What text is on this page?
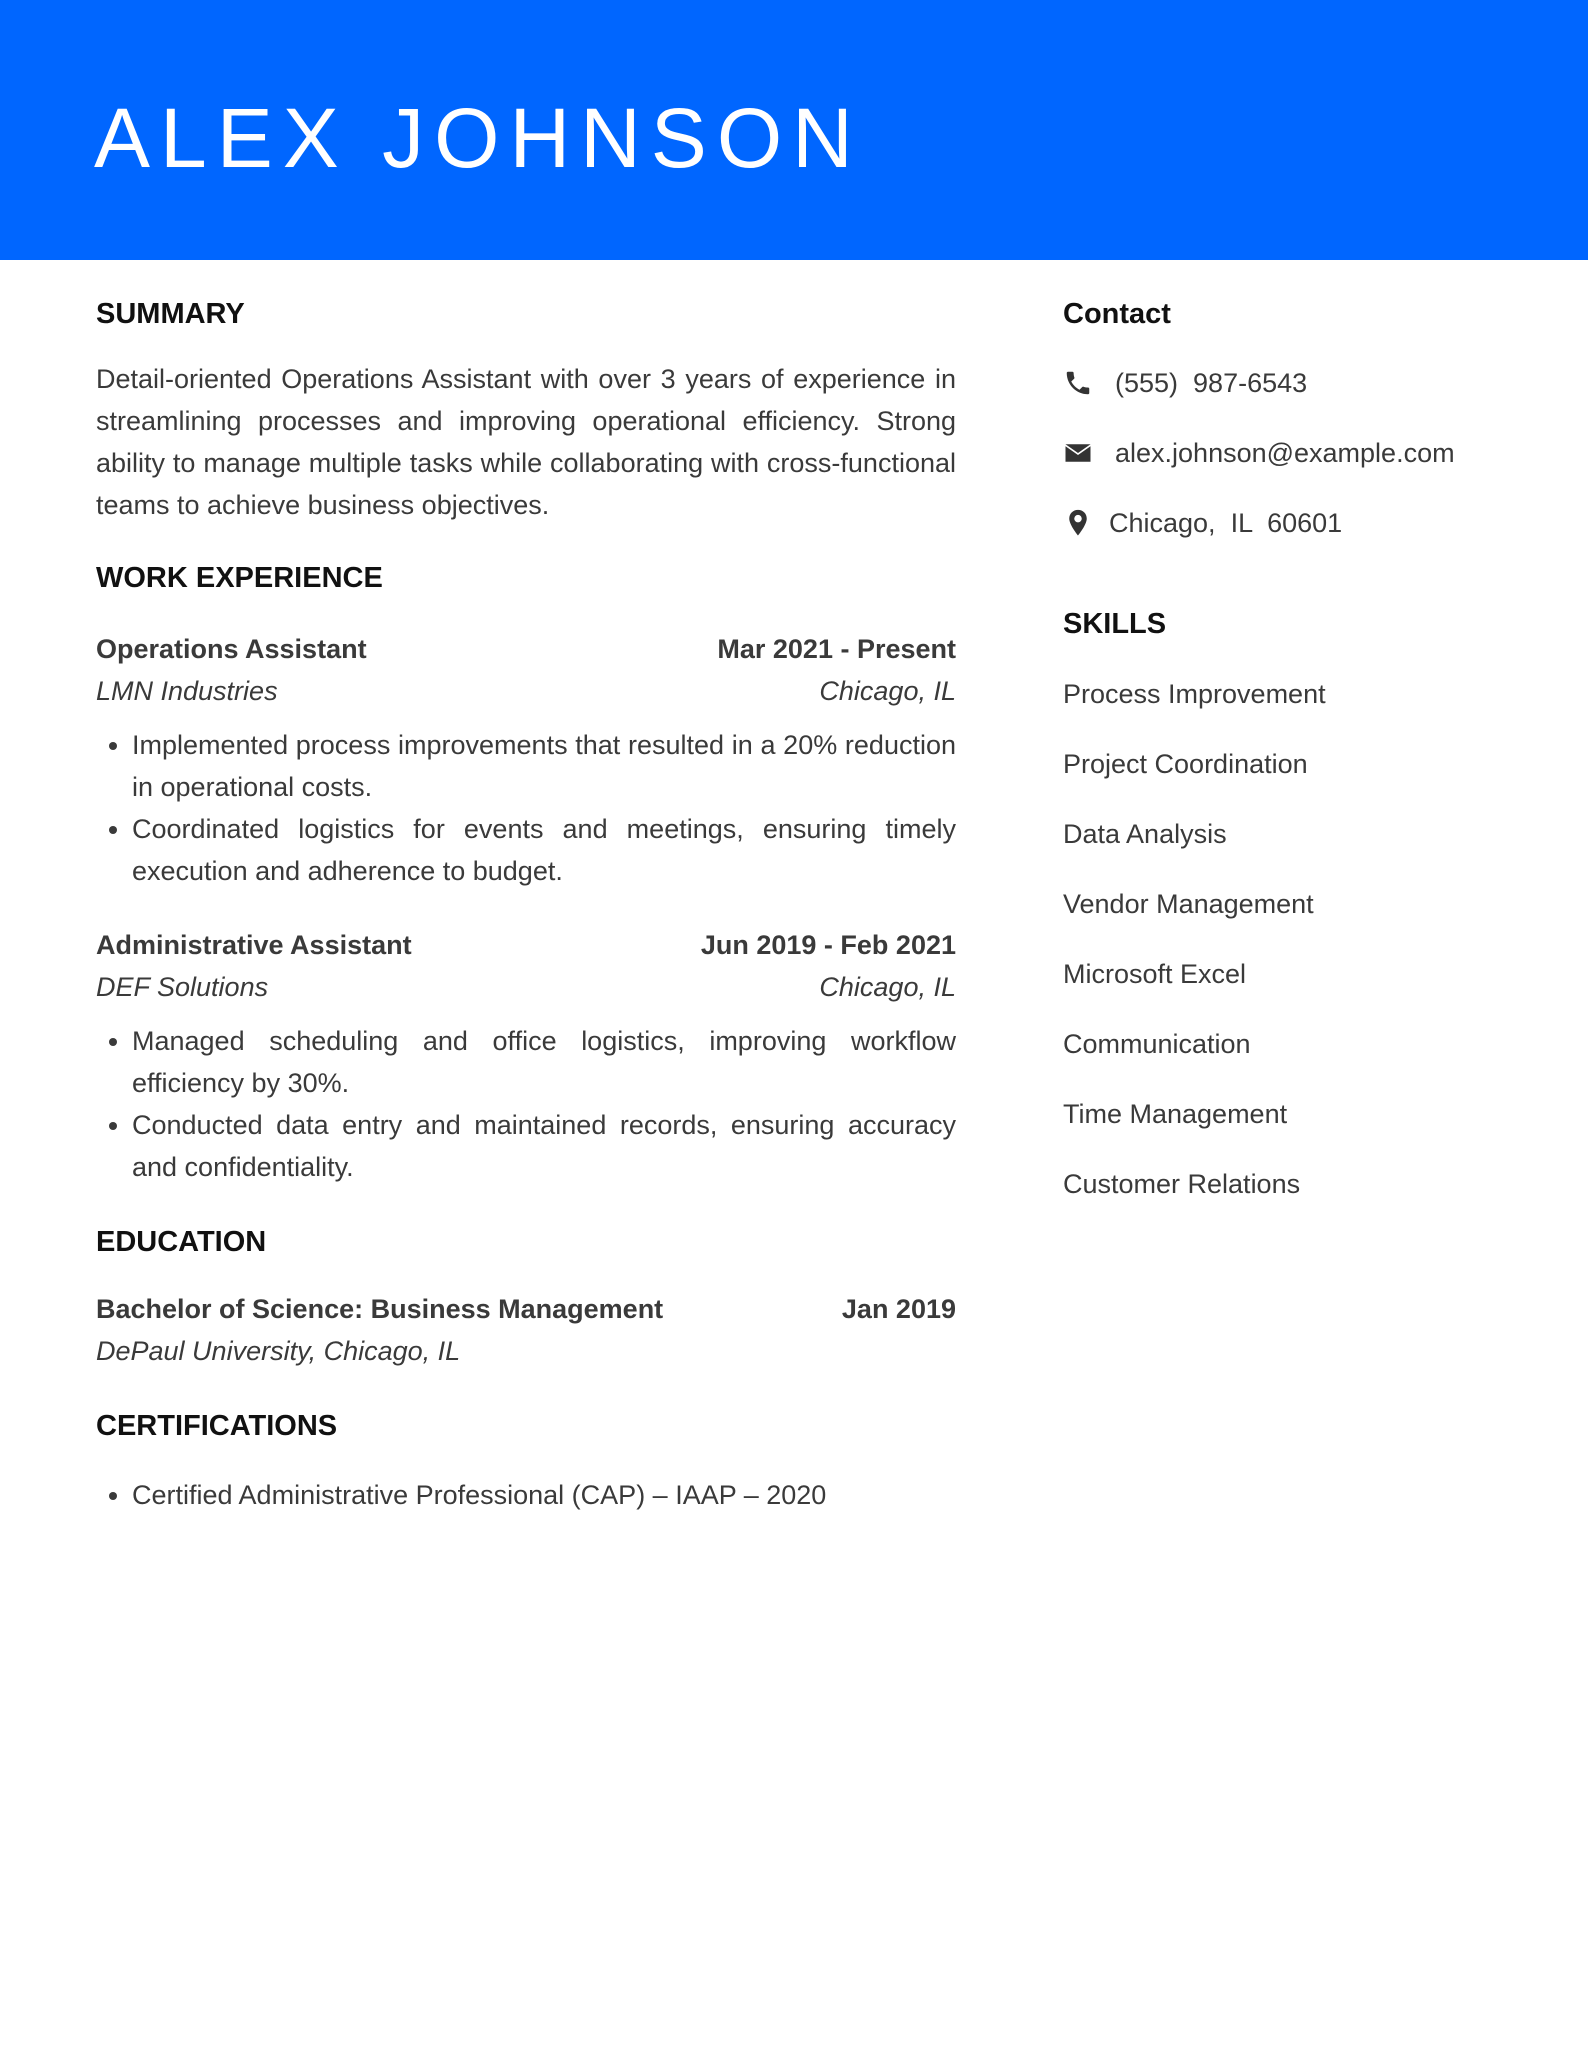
ALEX JOHNSON
SUMMARY
Detail-oriented Operations Assistant with over 3 years of experience in streamlining processes and improving operational efficiency. Strong ability to manage multiple tasks while collaborating with cross-functional teams to achieve business objectives.
WORK EXPERIENCE
Operations Assistant	Mar 2021 - Present
LMN Industries	Chicago, IL
• Implemented process improvements that resulted in a 20% reduction in operational costs.
• Coordinated logistics for events and meetings, ensuring timely execution and adherence to budget.
Administrative Assistant	Jun 2019 - Feb 2021
DEF Solutions	Chicago, IL
• Managed scheduling and office logistics, improving workflow efficiency by 30%.
• Conducted data entry and maintained records, ensuring accuracy and confidentiality.
EDUCATION
Bachelor of Science: Business Management	Jan 2019
DePaul University, Chicago, IL
CERTIFICATIONS
• Certified Administrative Professional (CAP) – IAAP – 2020
Contact
(555)  987-6543
alex.johnson@example.com
Chicago,  IL  60601
SKILLS
Process Improvement
Project Coordination
Data Analysis
Vendor Management
Microsoft Excel
Communication
Time Management
Customer Relations
